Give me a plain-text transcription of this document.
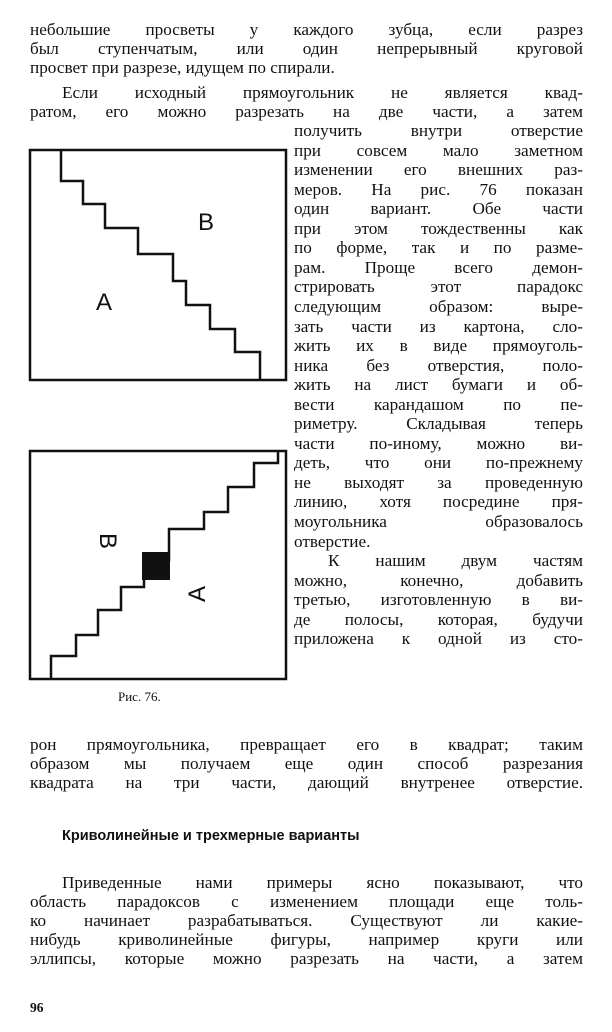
небольшие просветы у каждого зубца, если разрез
был ступенчатым, или один непрерывный круговой
просвет при разрезе, идущем по спирали.
Если исходный прямоугольник не является квад-
ратом, его можно разрезать на две части, а затем
получить внутри отверстие
при совсем мало заметном
изменении его внешних раз-
меров. На рис. 76 показан
один вариант. Обе части
при этом тождественны как
по форме, так и по разме-
рам. Проще всего демон-
стрировать этот парадокс
следующим образом: выре-
зать части из картона, сло-
жить их в виде прямоуголь-
ника без отверстия, поло-
жить на лист бумаги и об-
вести карандашом по пе-
риметру. Складывая теперь
части по-иному, можно ви-
деть, что они по-прежнему
не выходят за проведенную
линию, хотя посредине пря-
моугольника образовалось
отверстие.
К нашим двум частям
можно, конечно, добавить
третью, изготовленную в ви-
де полосы, которая, будучи
приложена к одной из сто-
рон прямоугольника, превращает его в квадрат; таким
образом мы получаем еще один способ разрезания
квадрата на три части, дающий внутренее отверстие.
Криволинейные и трехмерные варианты
Приведенные нами примеры ясно показывают, что
область парадоксов с изменением площади еще толь-
ко начинает разрабатываться. Существуют ли какие-
нибудь криволинейные фигуры, например круги или
эллипсы, которые можно разрезать на части, а затем
B
A
B
A
Рис. 76.
96
